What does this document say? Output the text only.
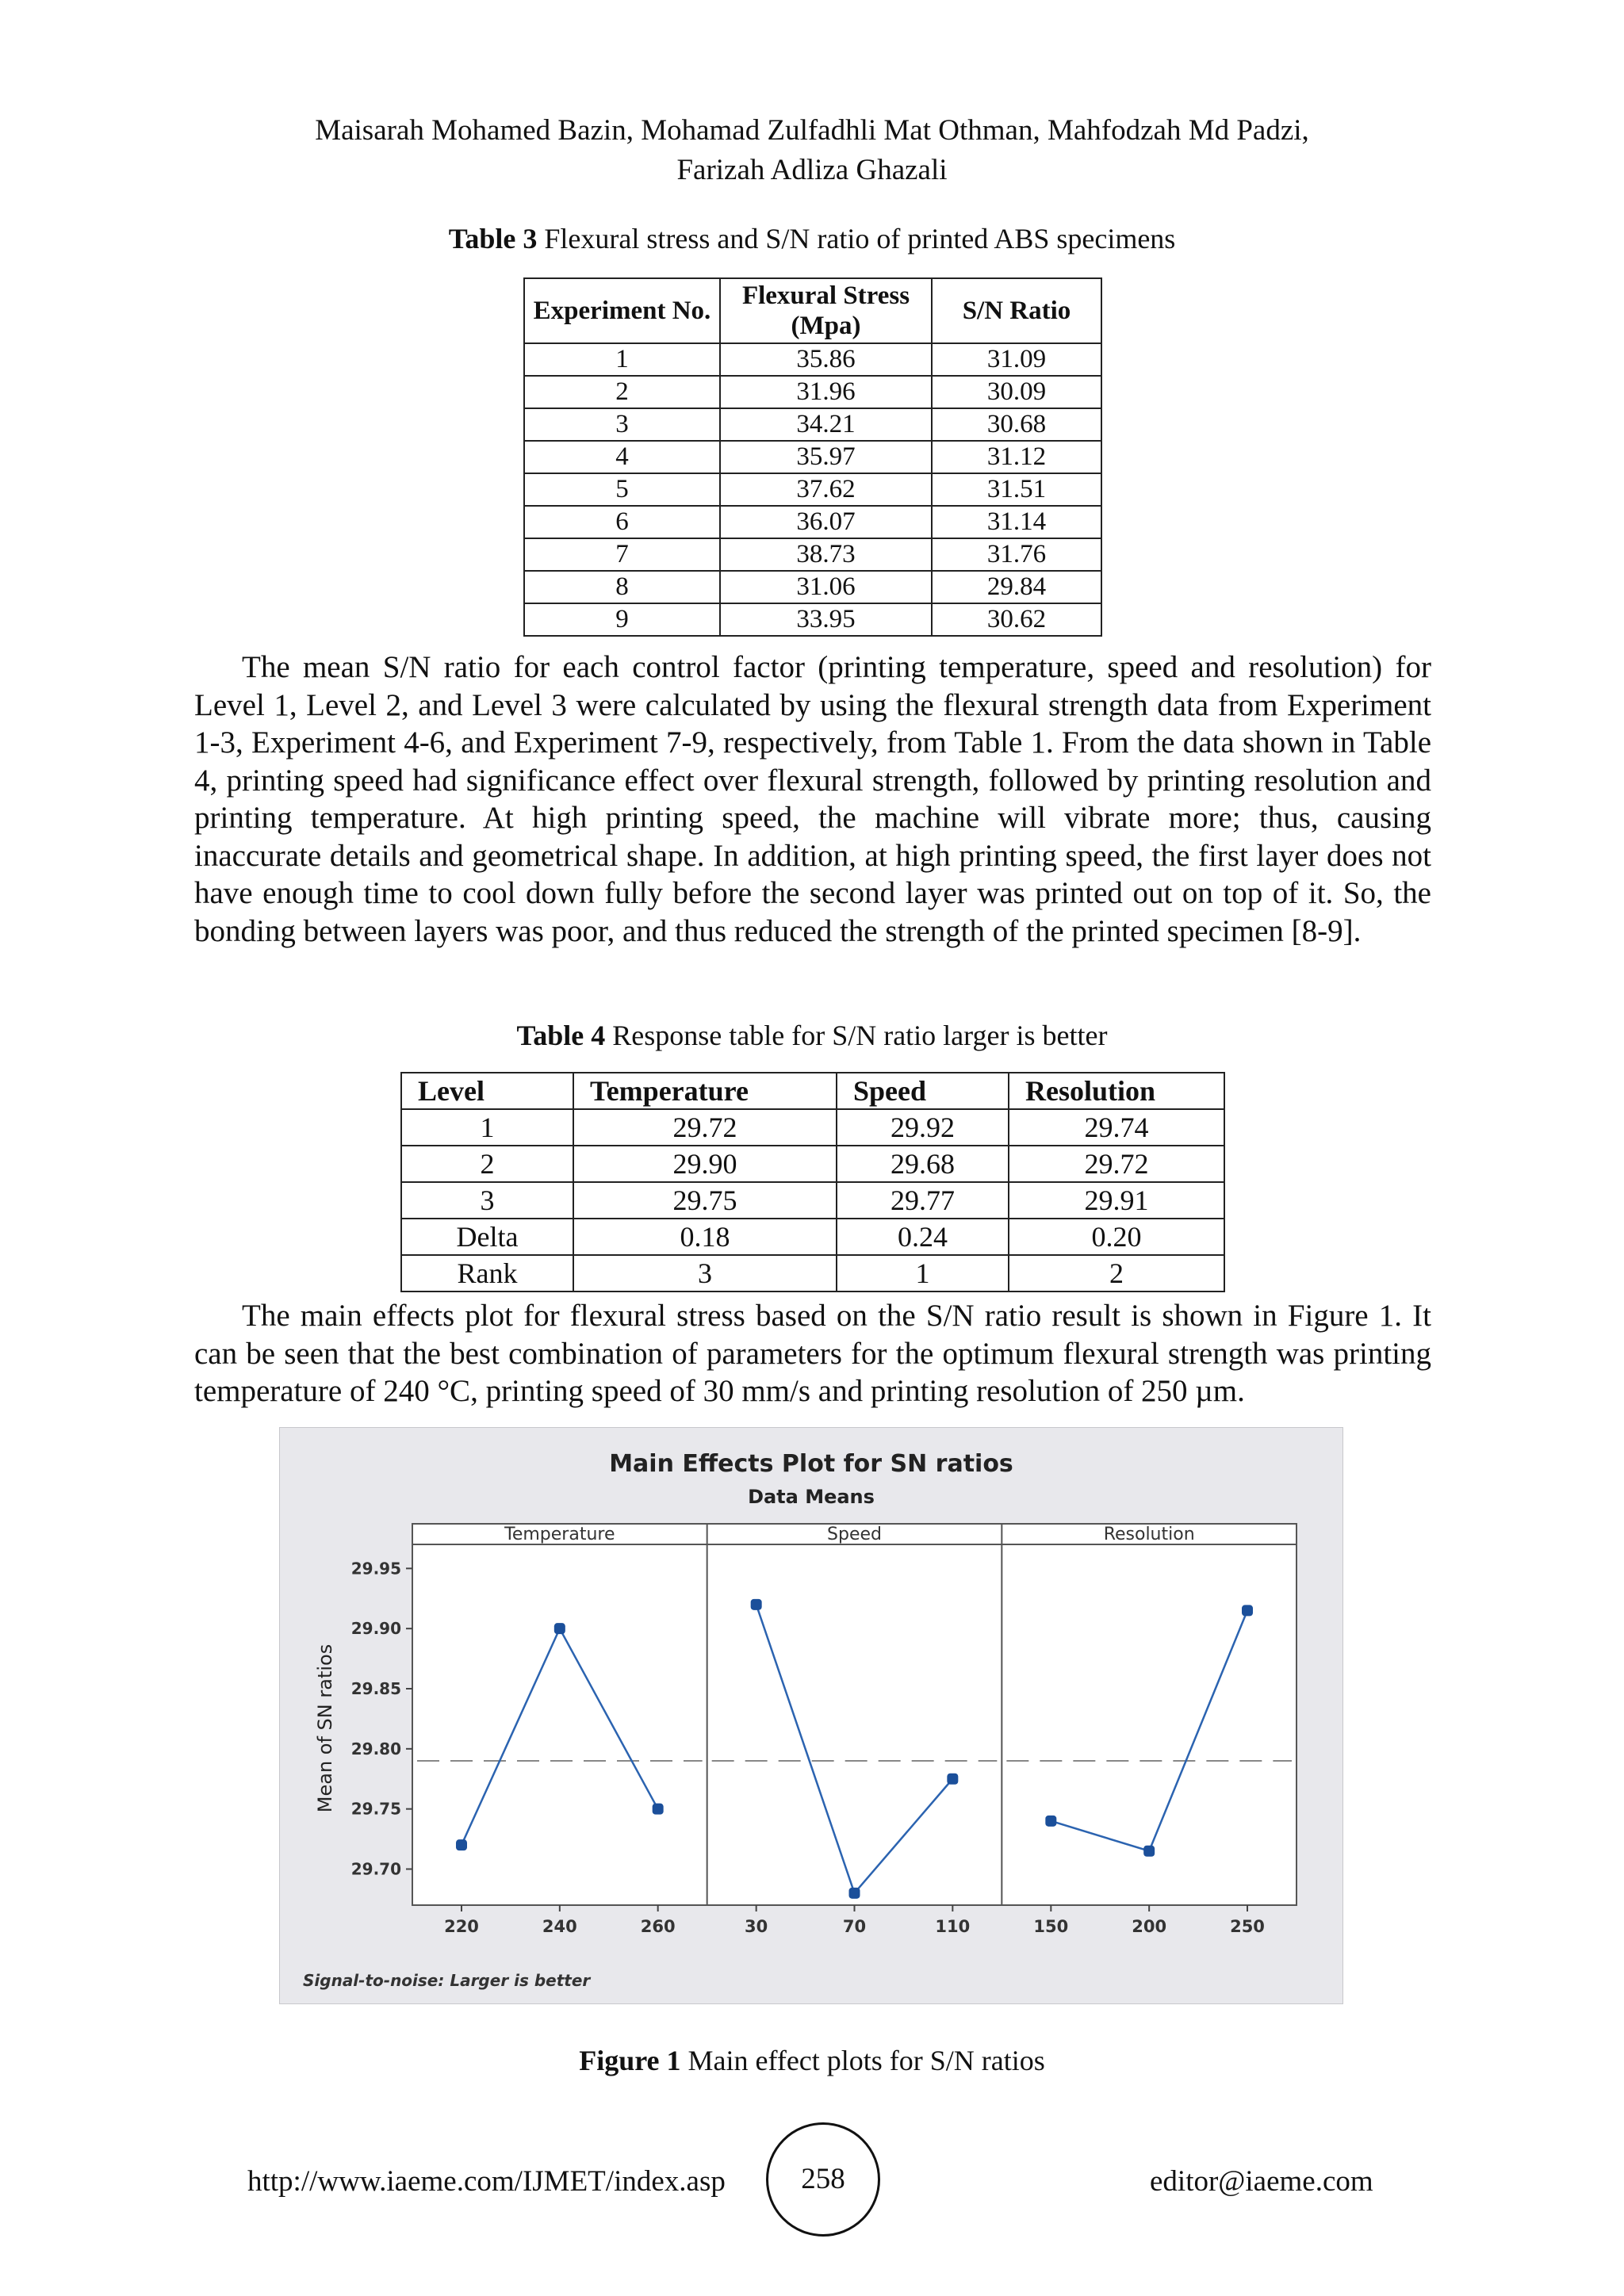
Maisarah Mohamed Bazin, Mohamad Zulfadhli Mat Othman, Mahfodzah Md Padzi,
Farizah Adliza Ghazali
Table 3 Flexural stress and S/N ratio of printed ABS specimens
Experiment No.	Flexural Stress (Mpa)	S/N Ratio
1	35.86	31.09
2	31.96	30.09
3	34.21	30.68
4	35.97	31.12
5	37.62	31.51
6	36.07	31.14
7	38.73	31.76
8	31.06	29.84
9	33.95	30.62

The mean S/N ratio for each control factor (printing temperature, speed and resolution) for Level 1, Level 2, and Level 3 were calculated by using the flexural strength data from Experiment 1-3, Experiment 4-6, and Experiment 7-9, respectively, from Table 1. From the data shown in Table 4, printing speed had significance effect over flexural strength, followed by printing resolution and printing temperature. At high printing speed, the machine will vibrate more; thus, causing inaccurate details and geometrical shape. In addition, at high printing speed, the first layer does not have enough time to cool down fully before the second layer was printed out on top of it. So, the bonding between layers was poor, and thus reduced the strength of the printed specimen [8-9].

Table 4 Response table for S/N ratio larger is better
Level	Temperature	Speed	Resolution
1	29.72	29.92	29.74
2	29.90	29.68	29.72
3	29.75	29.77	29.91
Delta	0.18	0.24	0.20
Rank	3	1	2

The main effects plot for flexural stress based on the S/N ratio result is shown in Figure 1. It can be seen that the best combination of parameters for the optimum flexural strength was printing temperature of 240 °C, printing speed of 30 mm/s and printing resolution of 250 µm.

Main Effects Plot for SN ratios
Data Means
Mean of SN ratios
29.70
29.75
29.80
29.85
29.90
29.95
Temperature
220	240	260
Speed
30	70	110
Resolution
150	200	250
Signal-to-noise: Larger is better
Figure 1 Main effect plots for S/N ratios
http://www.iaeme.com/IJMET/index.asp	258	editor@iaeme.com
